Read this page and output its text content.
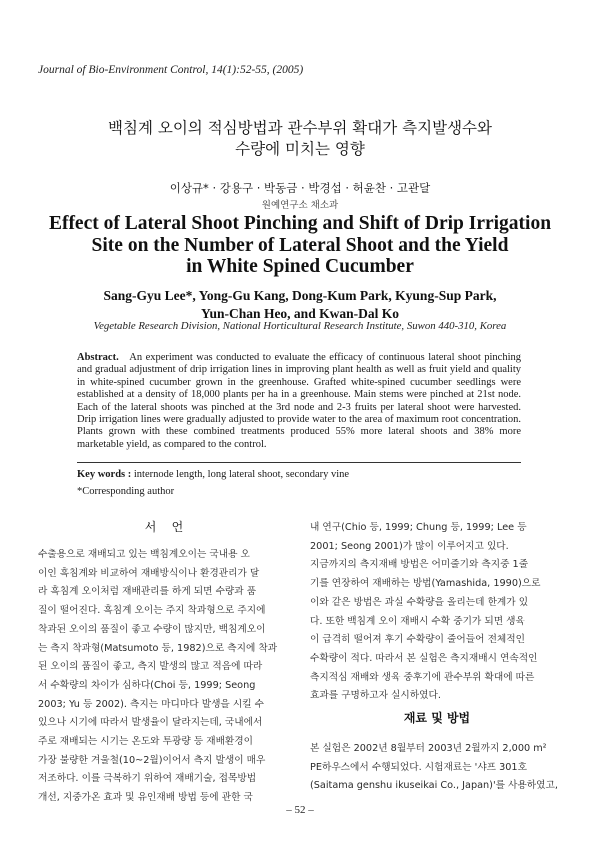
Journal of Bio-Environment Control, 14(1):52-55, (2005)
백침계 오이의 적심방법과 관수부위 확대가 측지발생수와
수량에 미치는 영향
이상규* · 강용구 · 박동금 · 박경섭 · 허윤찬 · 고관달
원예연구소 채소과
Effect of Lateral Shoot Pinching and Shift of Drip Irrigation
Site on the Number of Lateral Shoot and the Yield
in White Spined Cucumber
Sang-Gyu Lee*, Yong-Gu Kang, Dong-Kum Park, Kyung-Sup Park,
Yun-Chan Heo, and Kwan-Dal Ko
Vegetable Research Division, National Horticultural Research Institute, Suwon 440-310, Korea
Abstract. An experiment was conducted to evaluate the efficacy of continuous lateral shoot pinching and gradual adjustment of drip irrigation lines in improving plant health as well as fruit yield and quality in white-spined cucumber grown in the greenhouse. Grafted white-spined cucumber seedlings were established at a density of 18,000 plants per ha in a greenhouse. Main stems were pinched at 21st node. Each of the lateral shoots was pinched at the 3rd node and 2-3 fruits per lateral shoot were harvested. Drip irrigation lines were gradually adjusted to provide water to the area of maximum root concentration. Plants grown with these combined treatments produced 55% more lateral shoots and 38% more marketable yield, as compared to the control.
Key words : internode length, long lateral shoot, secondary vine
*Corresponding author
서    언
수출용으로 재배되고 있는 백침계오이는 국내용 오
이인 흑침계와 비교하여 재배방식이나 환경관리가 달
라 흑침계 오이처럼 재배관리를 하게 되면 수량과 품
질이 떨어진다. 흑침계 오이는 주지 착과형으로 주지에
착과된 오이의 품질이 좋고 수량이 많지만, 백침계오이
는 측지 착과형(Matsumoto 등, 1982)으로 측지에 착과
된 오이의 품질이 좋고, 측지 발생의 많고 적음에 따라
서 수확량의 차이가 심하다(Choi 등, 1999; Seong
2003; Yu 등 2002). 측지는 마디마다 발생을 시킬 수
있으나 시기에 따라서 발생율이 달라지는데, 국내에서
주로 재배되는 시기는 온도와 투광량 등 재배환경이
가장 불량한 겨울철(10~2월)이어서 측지 발생이 매우
저조하다. 이를 극복하기 위하여 재배기술, 접목방법
개선, 지중가온 효과 및 유인재배 방법 등에 관한 국
내 연구(Chio 등, 1999; Chung 등, 1999; Lee 등
2001; Seong 2001)가 많이 이루어지고 있다.
지금까지의 측지재배 방법은 어미줄기와 측지중 1줄
기를 연장하여 재배하는 방법(Yamashida, 1990)으로
이와 같은 방법은 과실 수확량을 올리는데 한계가 있
다. 또한 백침계 오이 재배시 수확 중기가 되면 생육
이 급격히 떨어져 후기 수확량이 줄어들어 전체적인
수확량이 적다. 따라서 본 실험은 측지재배시 연속적인
측지적심 재배와 생육 중후기에 관수부위 확대에 따른
효과를 구명하고자 실시하였다.
재료 및 방법
본 실험은 2002년 8월부터 2003년 2월까지 2,000 m²
PE하우스에서 수행되었다. 시험재료는 '샤프 301호
(Saitama genshu ikuseikai Co., Japan)'를 사용하였고,
– 52 –
